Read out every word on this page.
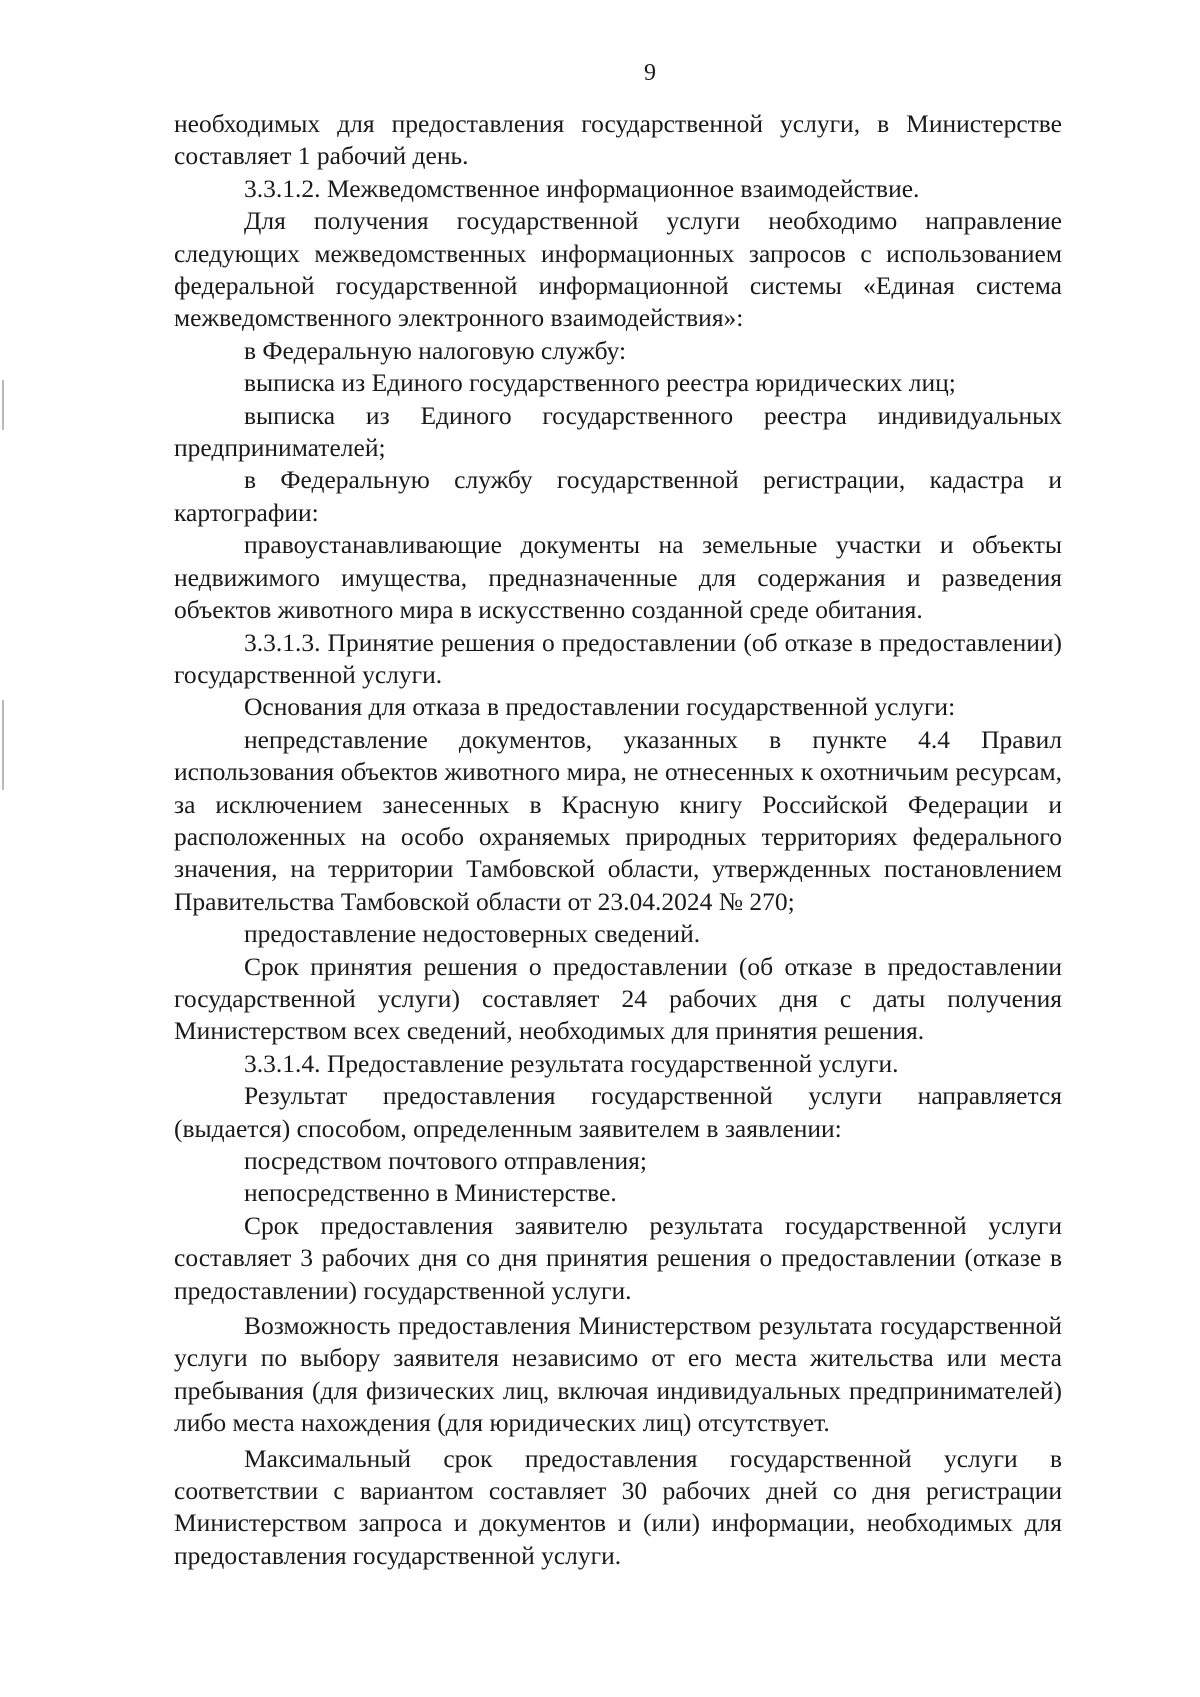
9

необходимых для предоставления государственной услуги, в Министерстве составляет 1 рабочий день.

3.3.1.2. Межведомственное информационное взаимодействие.

Для получения государственной услуги необходимо направление следующих межведомственных информационных запросов с использованием федеральной государственной информационной системы «Единая система межведомственного электронного взаимодействия»:

в Федеральную налоговую службу:

выписка из Единого государственного реестра юридических лиц;

выписка из Единого государственного реестра индивидуальных предпринимателей;

в Федеральную службу государственной регистрации, кадастра и картографии:

правоустанавливающие документы на земельные участки и объекты недвижимого имущества, предназначенные для содержания и разведения объектов животного мира в искусственно созданной среде обитания.

3.3.1.3. Принятие решения о предоставлении (об отказе в предоставлении) государственной услуги.

Основания для отказа в предоставлении государственной услуги:

непредставление документов, указанных в пункте 4.4 Правил использования объектов животного мира, не отнесенных к охотничьим ресурсам, за исключением занесенных в Красную книгу Российской Федерации и расположенных на особо охраняемых природных территориях федерального значения, на территории Тамбовской области, утвержденных постановлением Правительства Тамбовской области от 23.04.2024 № 270;

предоставление недостоверных сведений.

Срок принятия решения о предоставлении (об отказе в предоставлении государственной услуги) составляет 24 рабочих дня с даты получения Министерством всех сведений, необходимых для принятия решения.

3.3.1.4. Предоставление результата государственной услуги.

Результат предоставления государственной услуги направляется (выдается) способом, определенным заявителем в заявлении:

посредством почтового отправления;

непосредственно в Министерстве.

Срок предоставления заявителю результата государственной услуги составляет 3 рабочих дня со дня принятия решения о предоставлении (отказе в предоставлении) государственной услуги.

Возможность предоставления Министерством результата государственной услуги по выбору заявителя независимо от его места жительства или места пребывания (для физических лиц, включая индивидуальных предпринимателей) либо места нахождения (для юридических лиц) отсутствует.

Максимальный срок предоставления государственной услуги в соответствии с вариантом составляет 30 рабочих дней со дня регистрации Министерством запроса и документов и (или) информации, необходимых для предоставления государственной услуги.
